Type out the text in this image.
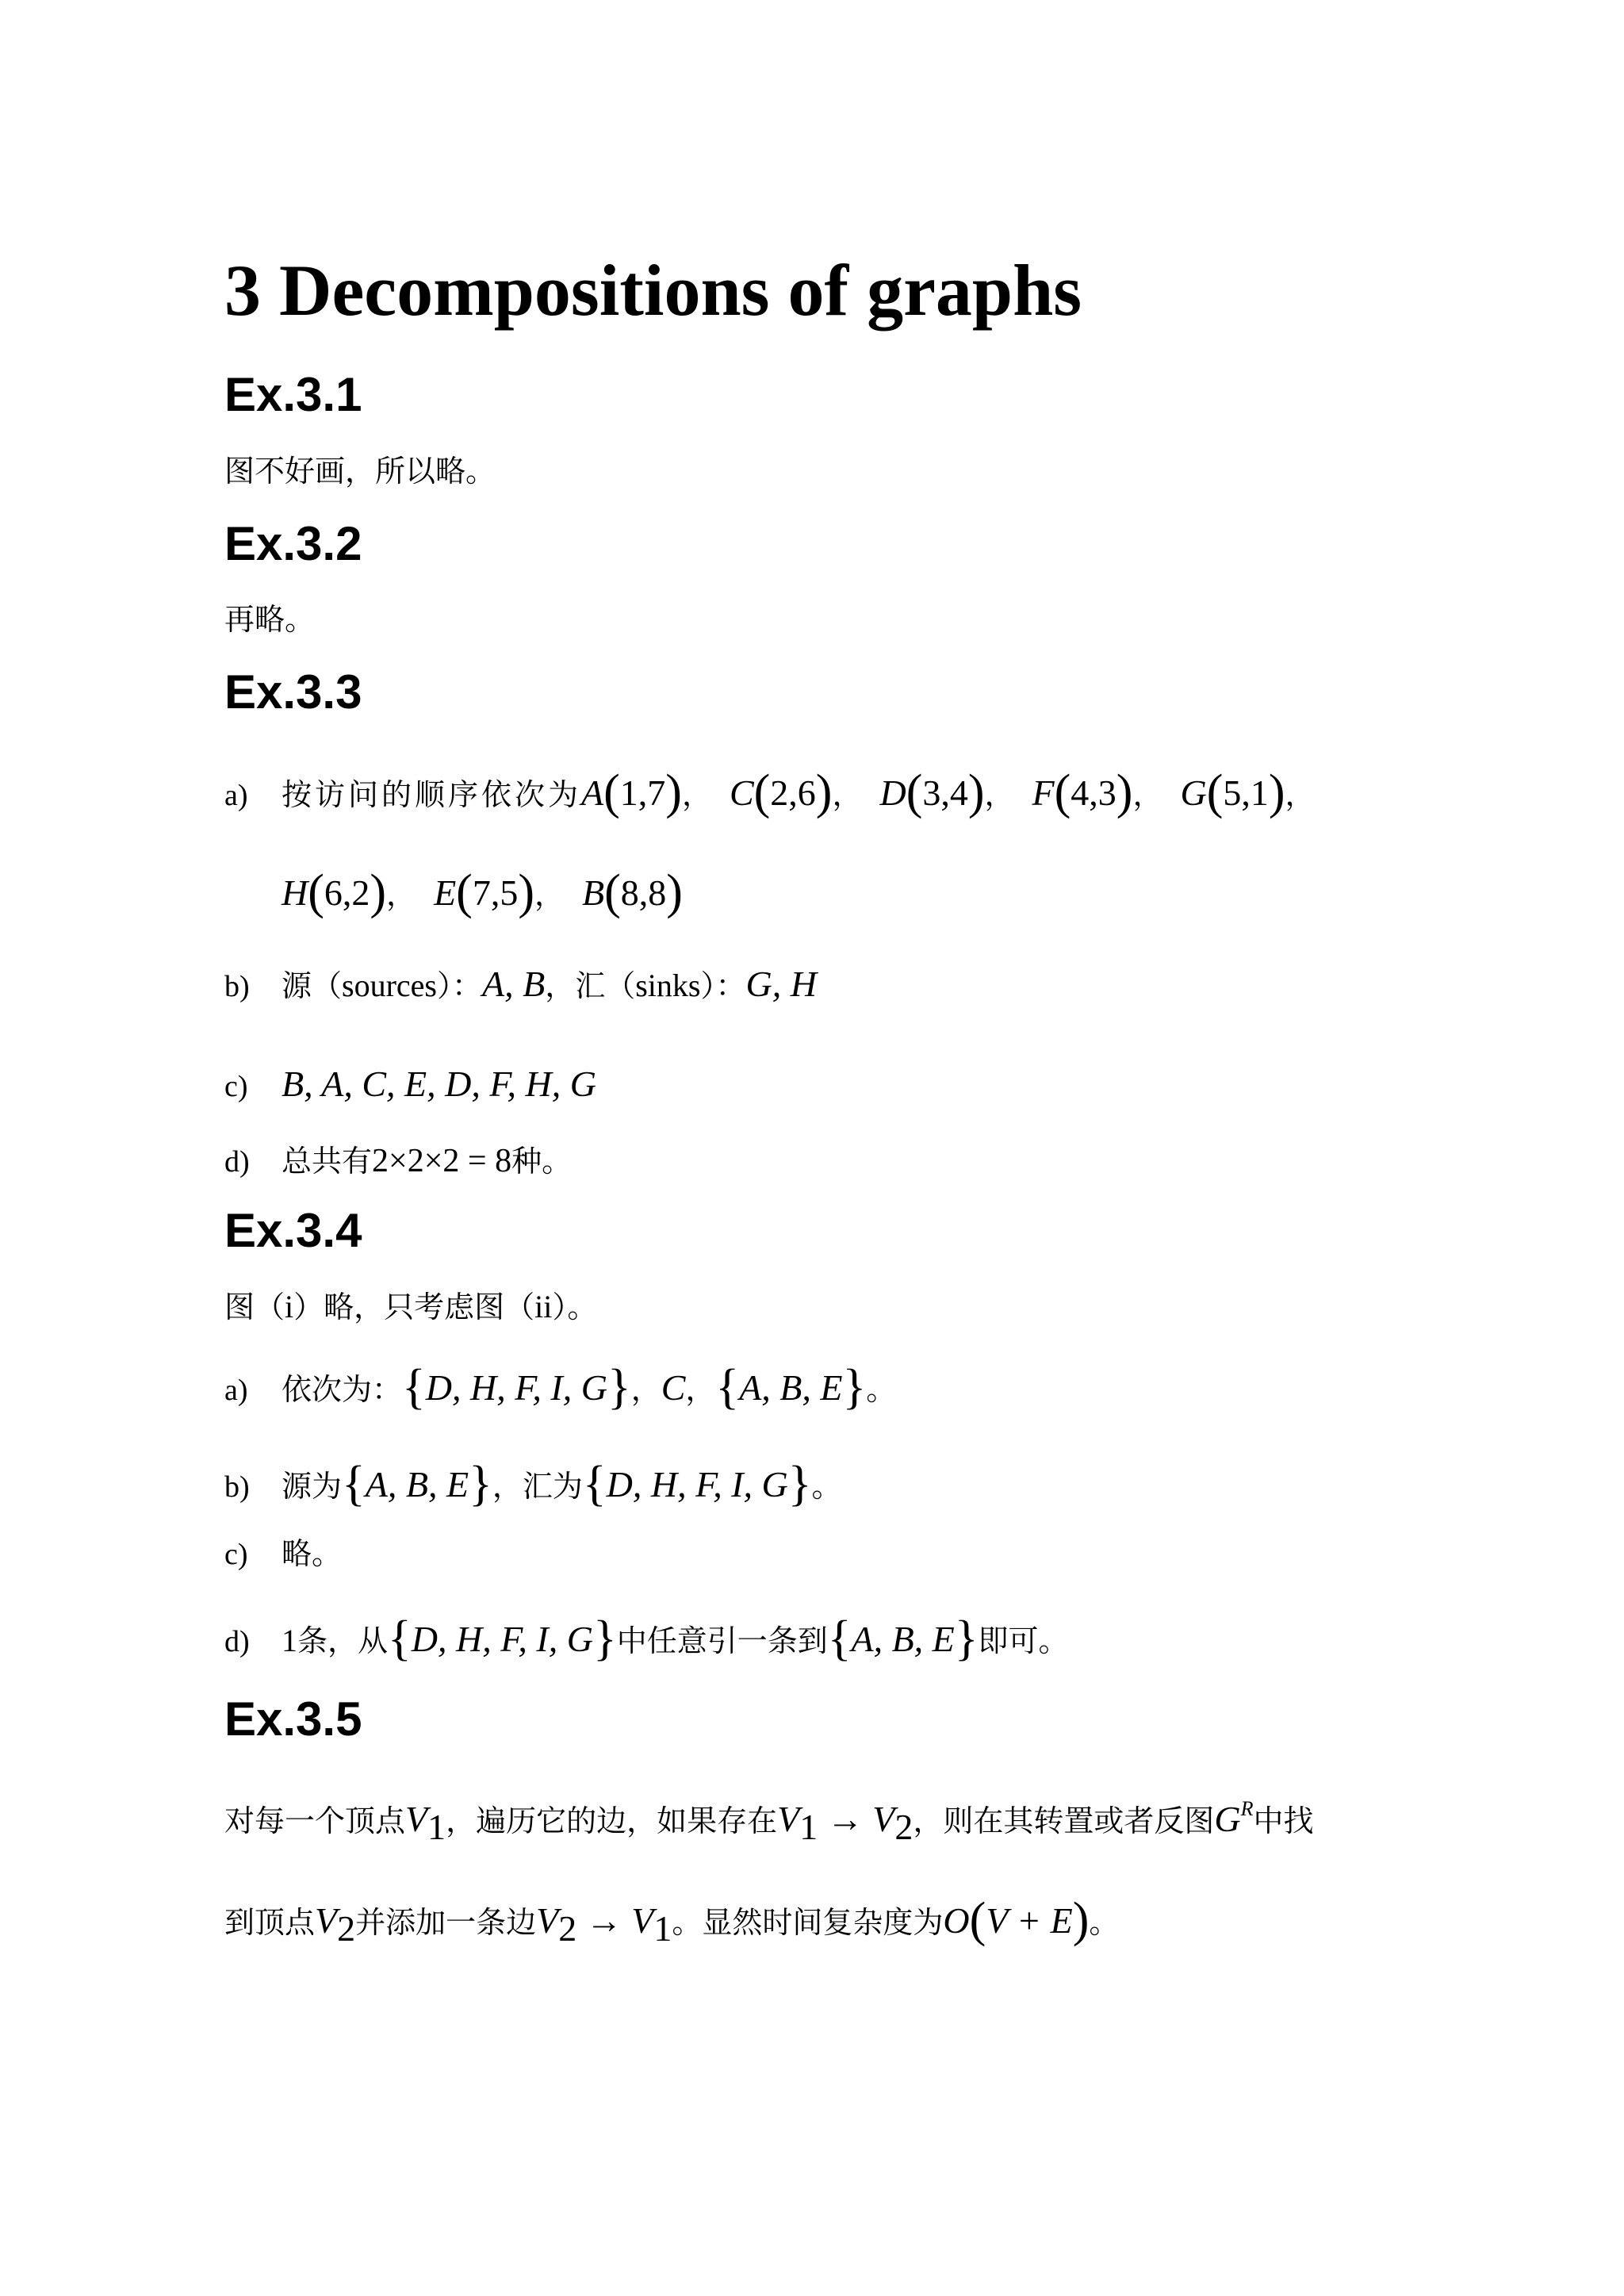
3 Decompositions of graphs
Ex.3.1
图不好画，所以略。
Ex.3.2
再略。
Ex.3.3
a) 按访问的顺序依次为A(1,7)， C(2,6)， D(3,4)， F(4,3)， G(5,1)，
H(6,2)， E(7,5)， B(8,8)
b) 源（sources）：A, B，汇（sinks）：G, H
c) B, A, C, E, D, F, H, G
d) 总共有2×2×2 = 8种。
Ex.3.4
图（i）略，只考虑图（ii）。
a) 依次为：{D, H, F, I, G}，C，{A, B, E}。
b) 源为{A, B, E}，汇为{D, H, F, I, G}。
c) 略。
d) 1条，从{D, H, F, I, G}中任意引一条到{A, B, E}即可。
Ex.3.5
对每一个顶点$V_1$，遍历它的边，如果存在$V_1 \to V_2$，则在其转置或者反图$G^R$中找
到顶点$V_2$并添加一条边$V_2 \to V_1$。显然时间复杂度为O(V + E)。
